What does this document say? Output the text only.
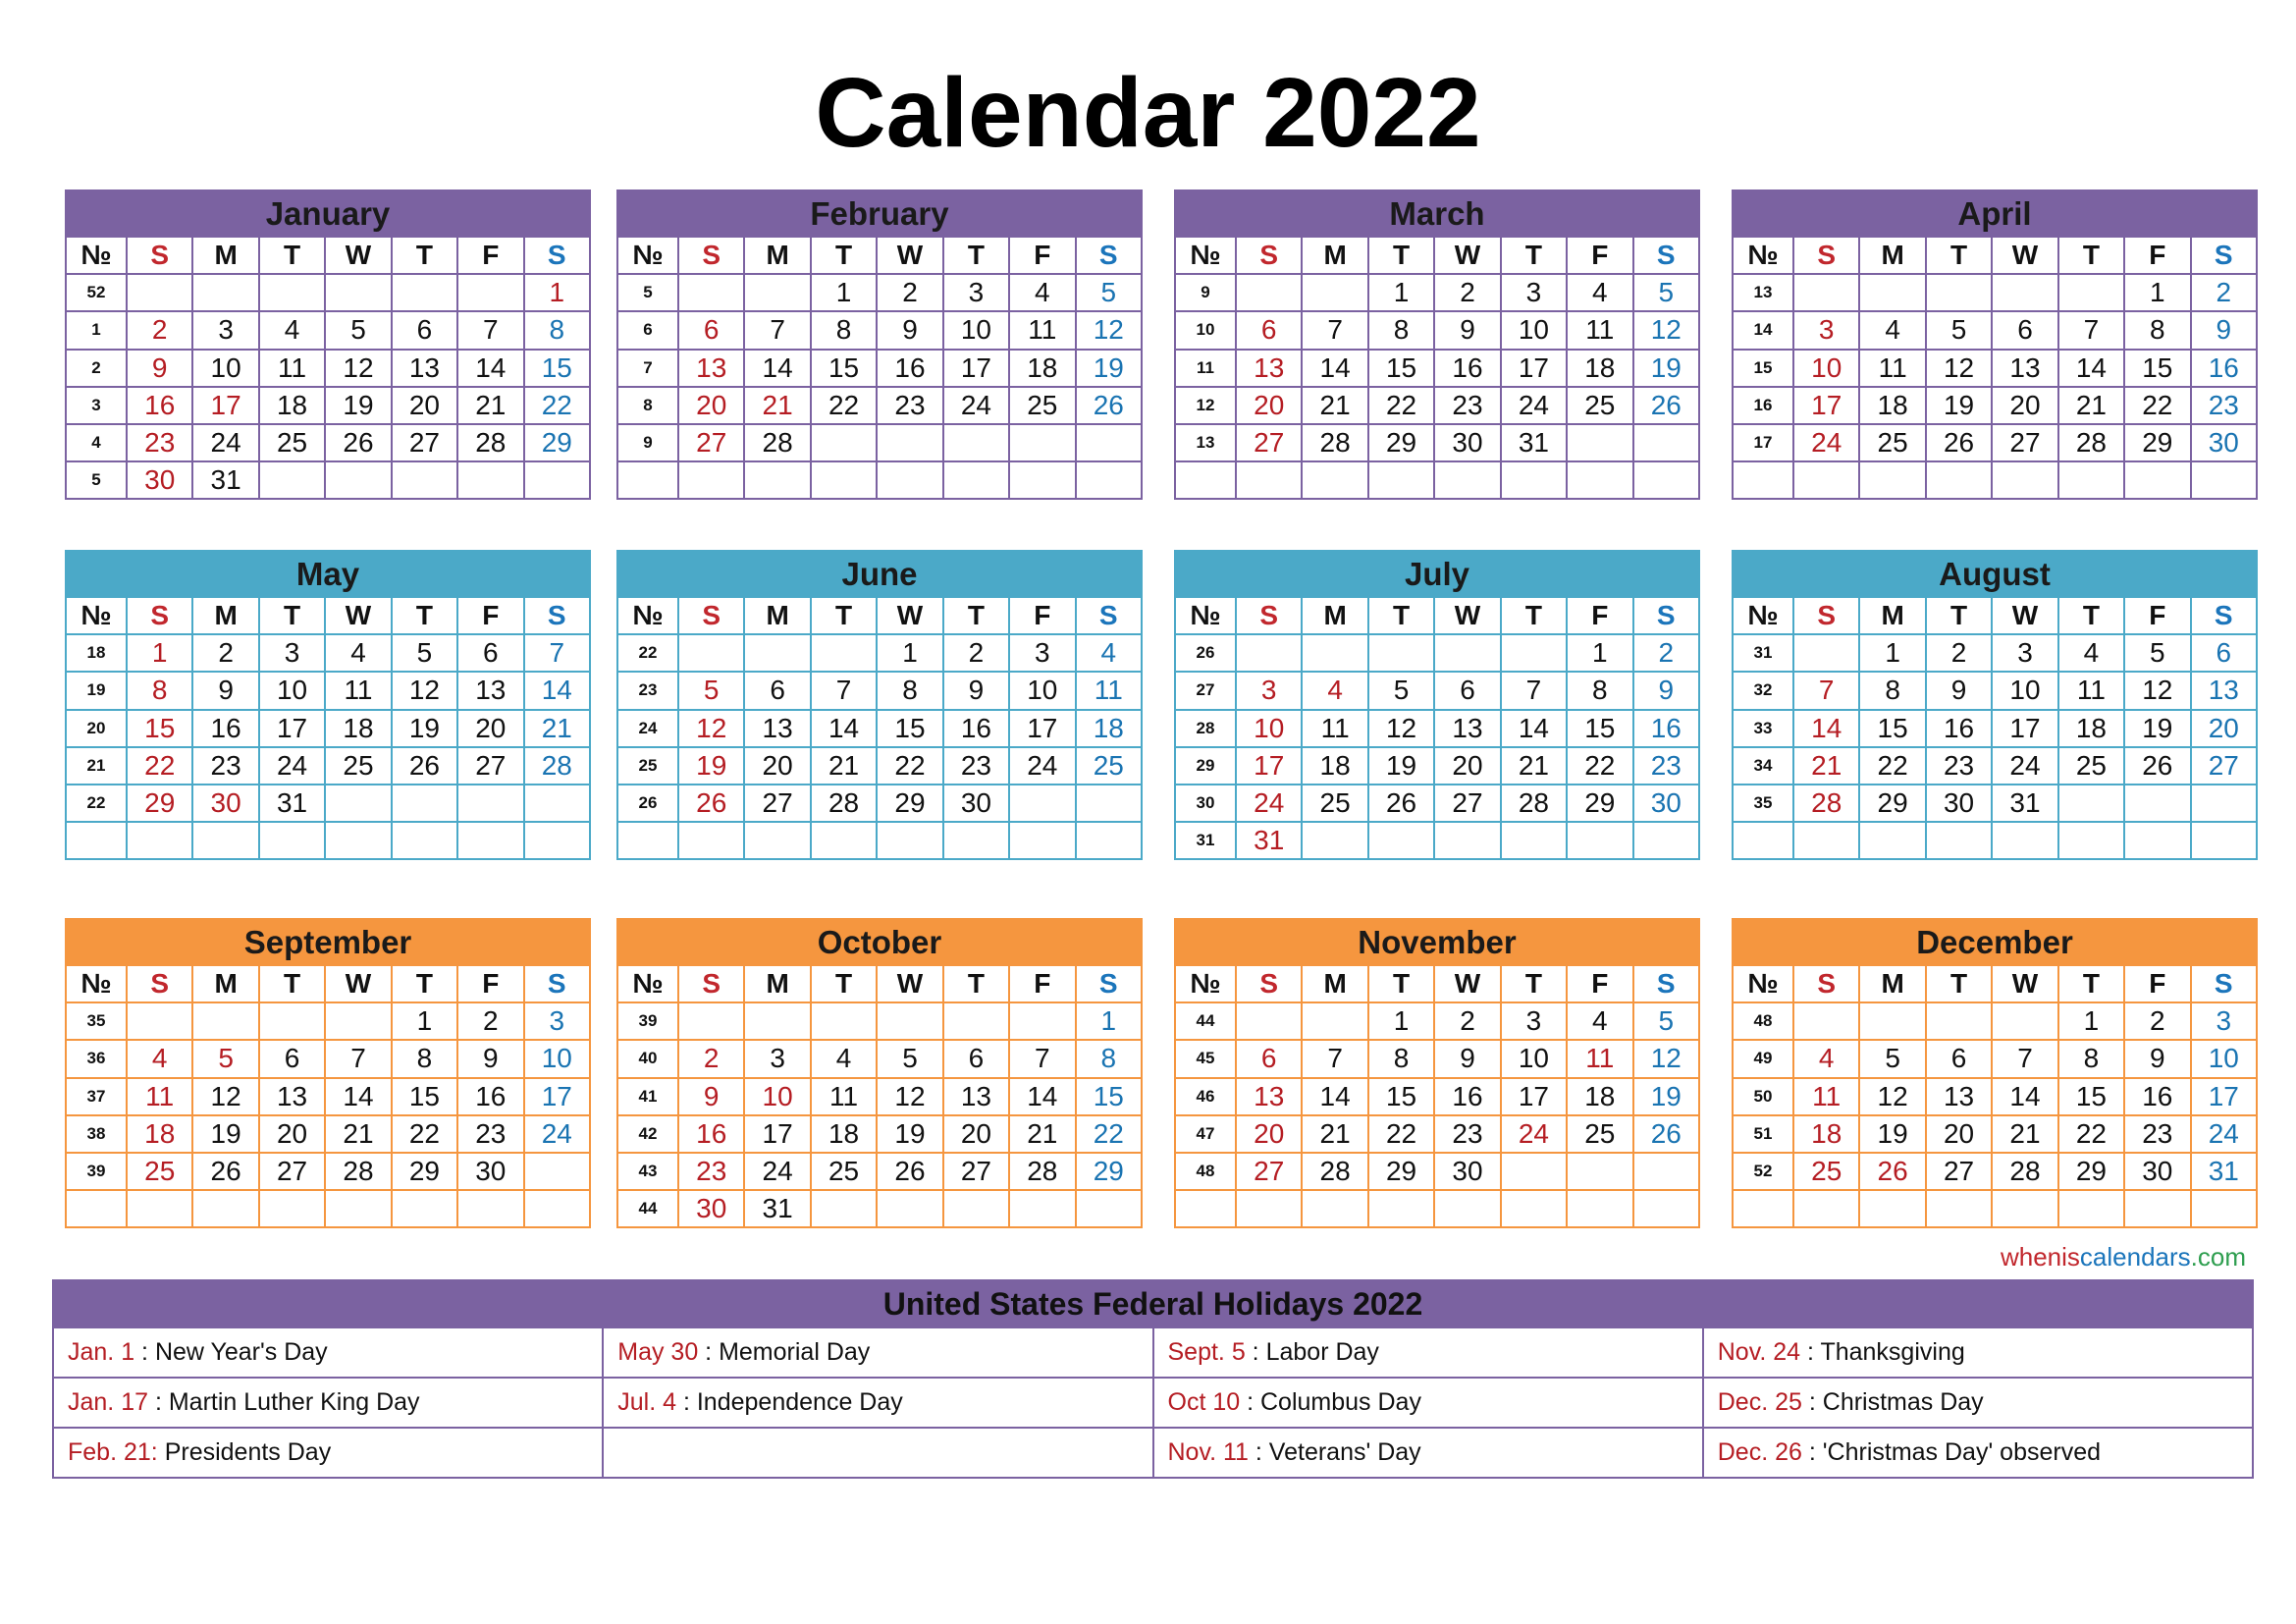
Calendar 2022
January
№	S	M	T	W	T	F	S
52							1
1	2	3	4	5	6	7	8
2	9	10	11	12	13	14	15
3	16	17	18	19	20	21	22
4	23	24	25	26	27	28	29
5	30	31					
February
№	S	M	T	W	T	F	S
5			1	2	3	4	5
6	6	7	8	9	10	11	12
7	13	14	15	16	17	18	19
8	20	21	22	23	24	25	26
9	27	28					

March
№	S	M	T	W	T	F	S
9			1	2	3	4	5
10	6	7	8	9	10	11	12
11	13	14	15	16	17	18	19
12	20	21	22	23	24	25	26
13	27	28	29	30	31		

April
№	S	M	T	W	T	F	S
13						1	2
14	3	4	5	6	7	8	9
15	10	11	12	13	14	15	16
16	17	18	19	20	21	22	23
17	24	25	26	27	28	29	30

May
№	S	M	T	W	T	F	S
18	1	2	3	4	5	6	7
19	8	9	10	11	12	13	14
20	15	16	17	18	19	20	21
21	22	23	24	25	26	27	28
22	29	30	31				

June
№	S	M	T	W	T	F	S
22				1	2	3	4
23	5	6	7	8	9	10	11
24	12	13	14	15	16	17	18
25	19	20	21	22	23	24	25
26	26	27	28	29	30		

July
№	S	M	T	W	T	F	S
26						1	2
27	3	4	5	6	7	8	9
28	10	11	12	13	14	15	16
29	17	18	19	20	21	22	23
30	24	25	26	27	28	29	30
31	31						
August
№	S	M	T	W	T	F	S
31		1	2	3	4	5	6
32	7	8	9	10	11	12	13
33	14	15	16	17	18	19	20
34	21	22	23	24	25	26	27
35	28	29	30	31			

September
№	S	M	T	W	T	F	S
35					1	2	3
36	4	5	6	7	8	9	10
37	11	12	13	14	15	16	17
38	18	19	20	21	22	23	24
39	25	26	27	28	29	30	

October
№	S	M	T	W	T	F	S
39							1
40	2	3	4	5	6	7	8
41	9	10	11	12	13	14	15
42	16	17	18	19	20	21	22
43	23	24	25	26	27	28	29
44	30	31					
November
№	S	M	T	W	T	F	S
44			1	2	3	4	5
45	6	7	8	9	10	11	12
46	13	14	15	16	17	18	19
47	20	21	22	23	24	25	26
48	27	28	29	30			

December
№	S	M	T	W	T	F	S
48					1	2	3
49	4	5	6	7	8	9	10
50	11	12	13	14	15	16	17
51	18	19	20	21	22	23	24
52	25	26	27	28	29	30	31

wheniscalendars.com
United States Federal Holidays 2022
Jan. 1 : New Year's Day	May 30 : Memorial Day	Sept. 5 : Labor Day	Nov. 24 : Thanksgiving
Jan. 17 : Martin Luther King Day	Jul. 4 : Independence Day	Oct 10 : Columbus Day	Dec. 25 : Christmas Day
Feb. 21: Presidents Day		Nov. 11 : Veterans' Day	Dec. 26 : 'Christmas Day' observed
